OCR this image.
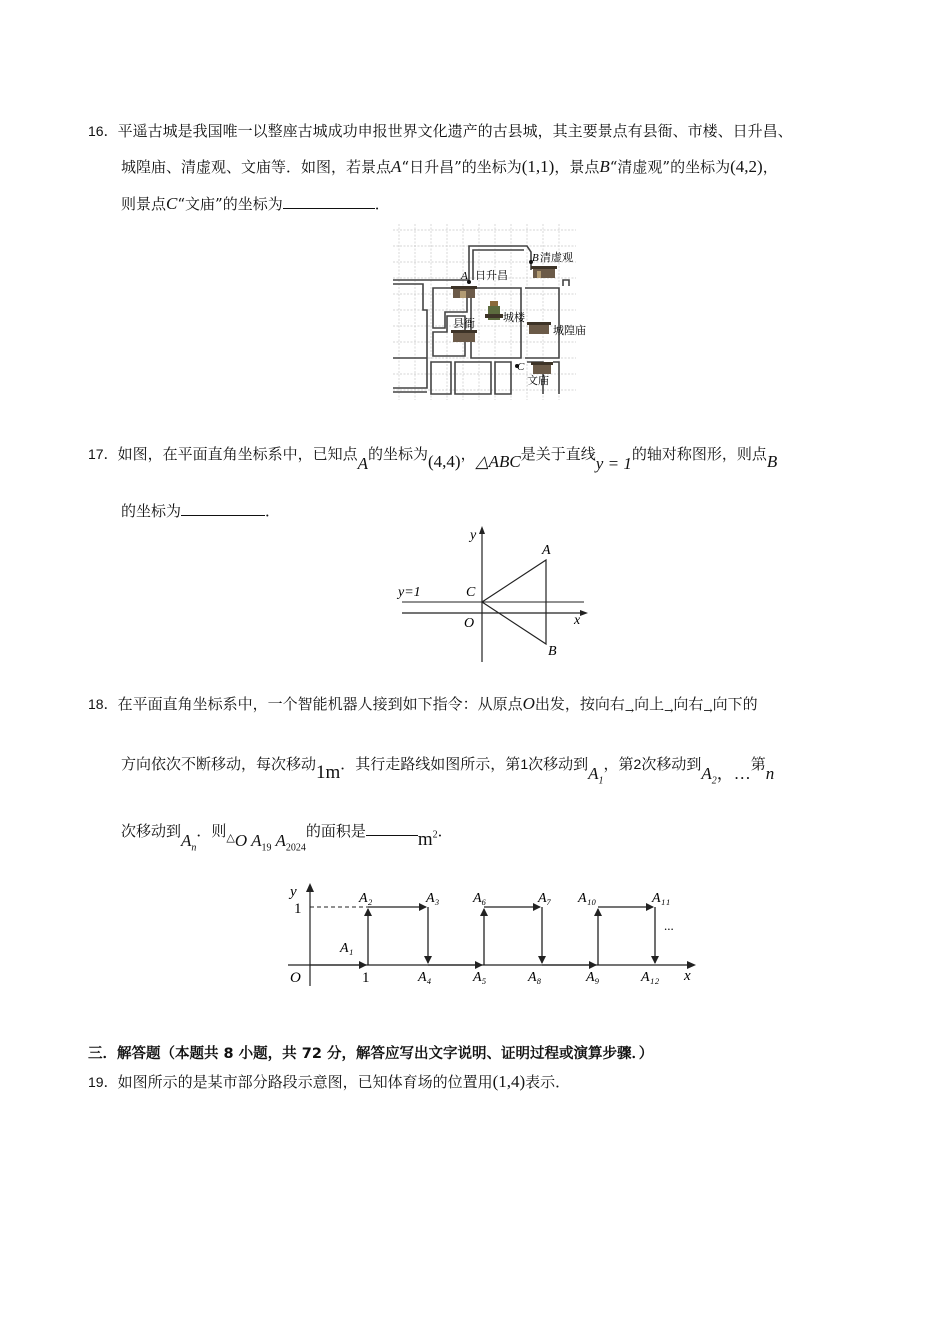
16．平遥古城是我国唯一以整座古城成功申报世界文化遗产的古县城，其主要景点有县衙、市楼、日升昌、
城隍庙、清虚观、文庙等．如图，若景点A“日升昌”的坐标为(1,1)，景点B“清虚观”的坐标为(4,2)，
则景点C“文庙”的坐标为	．
B 清虚观
A 日升昌
县衙	城楼
城隍庙
C
文庙
17．如图，在平面直角坐标系中，已知点A的坐标为(4,4)，△ABC是关于直线y = 1的轴对称图形，则点B
的坐标为	．
y
x
A
B
C
O
y=1
18．在平面直角坐标系中，一个智能机器人接到如下指令：从原点O出发，按向右$_\to$向上$_\to$向右$_\to$向下的
方向依次不断移动，每次移动1m．其行走路线如图所示，第1次移动到$A_1$，第2次移动到$A_2$，…第n
次移动到$A_n$．则$_\triangle$O $A_{19}$ $A_{2024}$的面积是	$m^2$．
y
x
O	1
1
...
A₁
A₂	A₃
A₄	A₅
A₆	A₇
A₈	A₉
A₁₀	A₁₁
A₁₂
三．解答题（本题共 8 小题，共 72 分，解答应写出文字说明、证明过程或演算步骤．）
19．如图所示的是某市部分路段示意图，已知体育场的位置用(1,4)表示．
